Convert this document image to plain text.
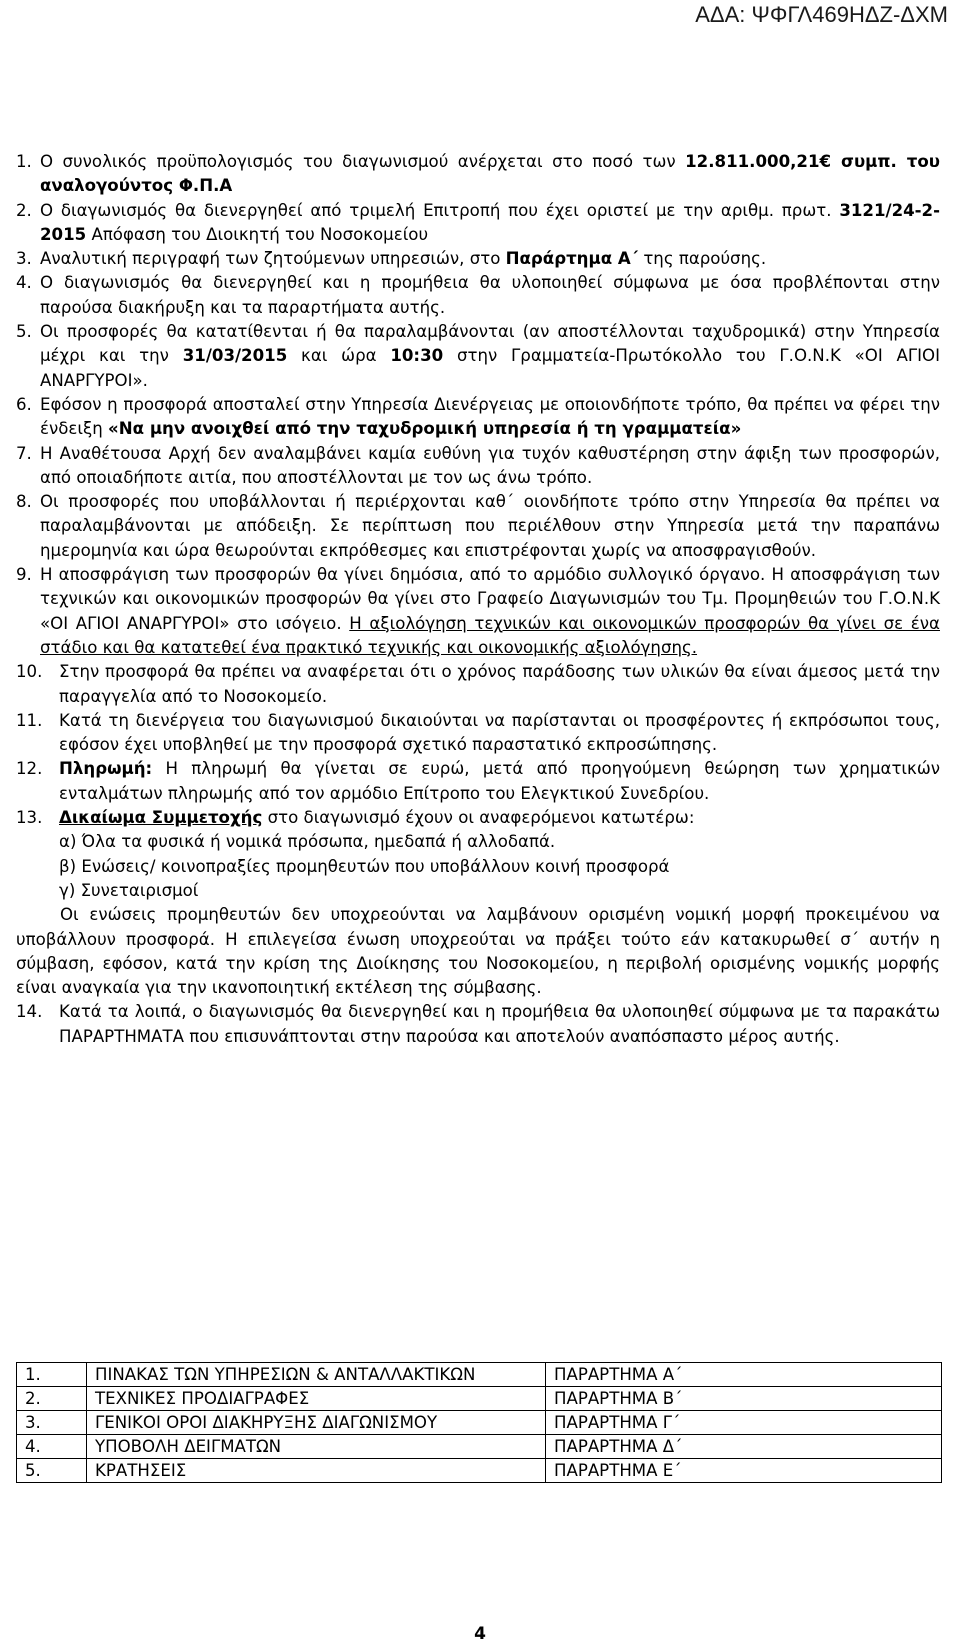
ΑΔΑ: ΨΦΓΛ469ΗΔΖ-ΔΧΜ
1. Ο συνολικός προϋπολογισμός του διαγωνισμού ανέρχεται στο ποσό των 12.811.000,21€ συμπ. του αναλογούντος Φ.Π.Α
2. Ο διαγωνισμός θα διενεργηθεί από τριμελή Επιτροπή που έχει οριστεί με την αριθμ. πρωτ. 3121/24-2-2015 Απόφαση του Διοικητή του Νοσοκομείου
3. Αναλυτική περιγραφή των ζητούμενων υπηρεσιών, στο Παράρτημα Α΄ της παρούσης.
4. Ο διαγωνισμός θα διενεργηθεί και η προμήθεια θα υλοποιηθεί σύμφωνα με όσα προβλέπονται στην παρούσα διακήρυξη και τα παραρτήματα αυτής.
5. Οι προσφορές θα κατατίθενται ή θα παραλαμβάνονται (αν αποστέλλονται ταχυδρομικά) στην Υπηρεσία μέχρι και την 31/03/2015 και ώρα 10:30 στην Γραμματεία-Πρωτόκολλο του Γ.Ο.Ν.Κ «ΟΙ ΑΓΙΟΙ ΑΝΑΡΓΥΡΟΙ».
6. Εφόσον η προσφορά αποσταλεί στην Υπηρεσία Διενέργειας με οποιονδήποτε τρόπο, θα πρέπει να φέρει την ένδειξη «Να μην ανοιχθεί από την ταχυδρομική υπηρεσία ή τη γραμματεία»
7. Η Αναθέτουσα Αρχή δεν αναλαμβάνει καμία ευθύνη για τυχόν καθυστέρηση στην άφιξη των προσφορών, από οποιαδήποτε αιτία, που αποστέλλονται με τον ως άνω τρόπο.
8. Οι προσφορές που υποβάλλονται ή περιέρχονται καθ΄ οιονδήποτε τρόπο στην Υπηρεσία θα πρέπει να παραλαμβάνονται με απόδειξη. Σε περίπτωση που περιέλθουν στην Υπηρεσία μετά την παραπάνω ημερομηνία και ώρα θεωρούνται εκπρόθεσμες και επιστρέφονται χωρίς να αποσφραγισθούν.
9. Η αποσφράγιση των προσφορών θα γίνει δημόσια, από το αρμόδιο συλλογικό όργανο. Η αποσφράγιση των τεχνικών και οικονομικών προσφορών θα γίνει στο Γραφείο Διαγωνισμών του Τμ. Προμηθειών του Γ.Ο.Ν.Κ «ΟΙ ΑΓΙΟΙ ΑΝΑΡΓΥΡΟΙ» στο ισόγειο. Η αξιολόγηση τεχνικών και οικονομικών προσφορών θα γίνει σε ένα στάδιο και θα κατατεθεί ένα πρακτικό τεχνικής και οικονομικής αξιολόγησης.
10.	Στην προσφορά θα πρέπει να αναφέρεται ότι ο χρόνος παράδοσης των υλικών θα είναι άμεσος μετά την παραγγελία από το Νοσοκομείο.
11.	Κατά τη διενέργεια του διαγωνισμού δικαιούνται να παρίστανται οι προσφέροντες ή εκπρόσωποι τους, εφόσον έχει υποβληθεί με την προσφορά σχετικό παραστατικό εκπροσώπησης.
12.	Πληρωμή: Η πληρωμή θα γίνεται σε ευρώ, μετά από προηγούμενη θεώρηση των χρηματικών ενταλμάτων πληρωμής από τον αρμόδιο Επίτροπο του Ελεγκτικού Συνεδρίου.
13.	Δικαίωμα Συμμετοχής στο διαγωνισμό έχουν οι αναφερόμενοι κατωτέρω:
α) Όλα τα φυσικά ή νομικά πρόσωπα, ημεδαπά ή αλλοδαπά.
β) Ενώσεις/ κοινοπραξίες προμηθευτών που υποβάλλουν κοινή προσφορά
γ) Συνεταιρισμοί
Οι ενώσεις προμηθευτών δεν υποχρεούνται να λαμβάνουν ορισμένη νομική μορφή προκειμένου να υποβάλλουν προσφορά. Η επιλεγείσα ένωση υποχρεούται να πράξει τούτο εάν κατακυρωθεί σ΄ αυτήν η σύμβαση, εφόσον, κατά την κρίση της Διοίκησης του Νοσοκομείου, η περιβολή ορισμένης νομικής μορφής είναι αναγκαία για την ικανοποιητική εκτέλεση της σύμβασης.
14.	Κατά τα λοιπά, ο διαγωνισμός θα διενεργηθεί και η προμήθεια θα υλοποιηθεί σύμφωνα με τα παρακάτω ΠΑΡΑΡΤΗΜΑΤΑ που επισυνάπτονται στην παρούσα και αποτελούν αναπόσπαστο μέρος αυτής.
1.	ΠΙΝΑΚΑΣ ΤΩΝ ΥΠΗΡΕΣΙΩΝ & ΑΝΤΑΛΛΑΚΤΙΚΩΝ	ΠΑΡΑΡΤΗΜΑ Α΄
2.	ΤΕΧΝΙΚΕΣ ΠΡΟΔΙΑΓΡΑΦΕΣ	ΠΑΡΑΡΤΗΜΑ Β΄
3.	ΓΕΝΙΚΟΙ ΟΡΟΙ ΔΙΑΚΗΡΥΞΗΣ ΔΙΑΓΩΝΙΣΜΟΥ	ΠΑΡΑΡΤΗΜΑ Γ΄
4.	ΥΠΟΒΟΛΗ ΔΕΙΓΜΑΤΩΝ	ΠΑΡΑΡΤΗΜΑ Δ΄
5.	ΚΡΑΤΗΣΕΙΣ	ΠΑΡΑΡΤΗΜΑ Ε΄
4
